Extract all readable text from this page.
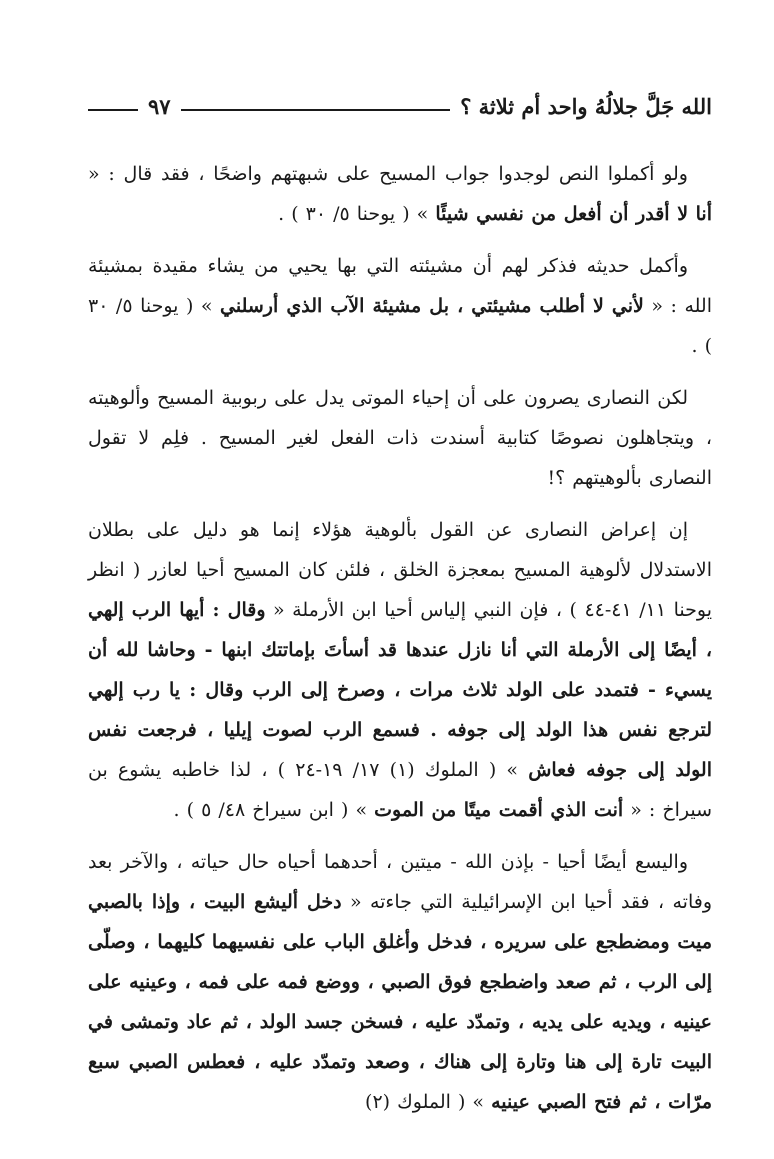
الله جَلَّ جلالُهُ واحد أم ثلاثة ؟
٩٧

ولو أكملوا النص لوجدوا جواب المسيح على شبهتهم واضحًا ، فقد قال : « أنا لا أقدر أن أفعل من نفسي شيئًا » ( يوحنا ٥/ ٣٠ ) .

وأكمل حديثه فذكر لهم أن مشيئته التي بها يحيي من يشاء مقيدة بمشيئة الله : « لأني لا أطلب مشيئتي ، بل مشيئة الآب الذي أرسلني » ( يوحنا ٥/ ٣٠ ) .

لكن النصارى يصرون على أن إحياء الموتى يدل على ربوبية المسيح وألوهيته ، ويتجاهلون نصوصًا كتابية أسندت ذات الفعل لغير المسيح . فلِم لا تقول النصارى بألوهيتهم ؟!

إن إعراض النصارى عن القول بألوهية هؤلاء إنما هو دليل على بطلان الاستدلال لألوهية المسيح بمعجزة الخلق ، فلئن كان المسيح أحيا لعازر ( انظر يوحنا ١١/ ٤١-٤٤ ) ، فإن النبي إلياس أحيا ابن الأرملة « وقال : أيها الرب إلهي ، أيضًا إلى الأرملة التي أنا نازل عندها قد أسأتَ بإماتتك ابنها - وحاشا لله أن يسيء - فتمدد على الولد ثلاث مرات ، وصرخ إلى الرب وقال : يا رب إلهي لترجع نفس هذا الولد إلى جوفه . فسمع الرب لصوت إيليا ، فرجعت نفس الولد إلى جوفه فعاش » ( الملوك (١) ١٧/ ١٩-٢٤ ) ، لذا خاطبه يشوع بن سيراخ : « أنت الذي أقمت ميتًا من الموت » ( ابن سيراخ ٤٨/ ٥ ) .

واليسع أيضًا أحيا - بإذن الله - ميتين ، أحدهما أحياه حال حياته ، والآخر بعد وفاته ، فقد أحيا ابن الإسرائيلية التي جاءته « دخل أليشع البيت ، وإذا بالصبي ميت ومضطجع على سريره ، فدخل وأغلق الباب على نفسيهما كليهما ، وصلّى إلى الرب ، ثم صعد واضطجع فوق الصبي ، ووضع فمه على فمه ، وعينيه على عينيه ، ويديه على يديه ، وتمدّد عليه ، فسخن جسد الولد ، ثم عاد وتمشى في البيت تارة إلى هنا وتارة إلى هناك ، وصعد وتمدّد عليه ، فعطس الصبي سبع مرّات ، ثم فتح الصبي عينيه » ( الملوك (٢)
